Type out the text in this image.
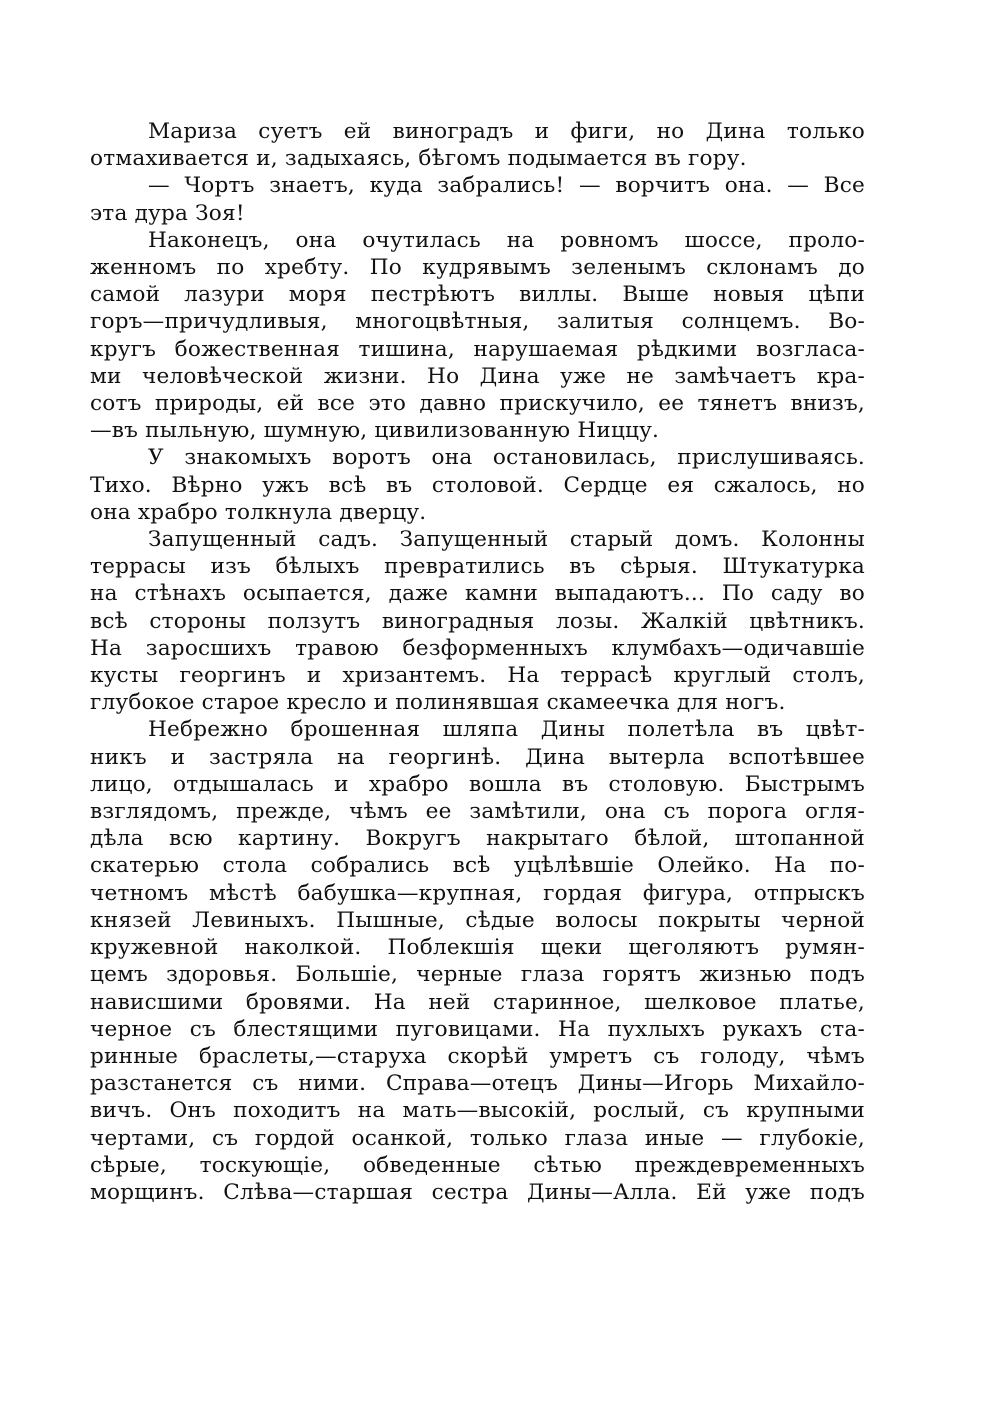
Мариза суетъ ей виноградъ и фиги, но Дина только
отмахивается и, задыхаясь, бѣгомъ подымается въ гору.

— Чортъ знаетъ, куда забрались! — ворчитъ она. — Все
эта дура Зоя!

Наконецъ, она очутилась на ровномъ шоссе, проло-
женномъ по хребту. По кудрявымъ зеленымъ склонамъ до
самой лазури моря пестрѣютъ виллы. Выше новыя цѣпи
горъ—причудливыя, многоцвѣтныя, залитыя солнцемъ. Во-
кругъ божественная тишина, нарушаемая рѣдкими возгласа-
ми человѣческой жизни. Но Дина уже не замѣчаетъ кра-
сотъ природы, ей все это давно прискучило, ее тянетъ внизъ,
—въ пыльную, шумную, цивилизованную Ниццу.

У знакомыхъ воротъ она остановилась, прислушиваясь.
Тихо. Вѣрно ужъ всѣ въ столовой. Сердце ея сжалось, но
она храбро толкнула дверцу.

Запущенный садъ. Запущенный старый домъ. Колонны
террасы изъ бѣлыхъ превратились въ сѣрыя. Штукатурка
на стѣнахъ осыпается, даже камни выпадаютъ... По саду во
всѣ стороны ползутъ виноградныя лозы. Жалкій цвѣтникъ.
На заросшихъ травою безформенныхъ клумбахъ—одичавшіе
кусты георгинъ и хризантемъ. На террасѣ круглый столъ,
глубокое старое кресло и полинявшая скамеечка для ногъ.

Небрежно брошенная шляпа Дины полетѣла въ цвѣт-
никъ и застряла на георгинѣ. Дина вытерла вспотѣвшее
лицо, отдышалась и храбро вошла въ столовую. Быстрымъ
взглядомъ, прежде, чѣмъ ее замѣтили, она съ порога огля-
дѣла всю картину. Вокругъ накрытаго бѣлой, штопанной
скатерью стола собрались всѣ уцѣлѣвшіе Олейко. На по-
четномъ мѣстѣ бабушка—крупная, гордая фигура, отпрыскъ
князей Левиныхъ. Пышные, сѣдые волосы покрыты черной
кружевной наколкой. Поблекшія щеки щеголяютъ румян-
цемъ здоровья. Большіе, черные глаза горятъ жизнью подъ
нависшими бровями. На ней старинное, шелковое платье,
черное съ блестящими пуговицами. На пухлыхъ рукахъ ста-
ринные браслеты,—старуха скорѣй умретъ съ голоду, чѣмъ
разстанется съ ними. Справа—отецъ Дины—Игорь Михайло-
вичъ. Онъ походитъ на мать—высокій, рослый, съ крупными
чертами, съ гордой осанкой, только глаза иные — глубокіе,
сѣрые, тоскующіе, обведенные сѣтью преждевременныхъ
морщинъ. Слѣва—старшая сестра Дины—Алла. Ей уже подъ
